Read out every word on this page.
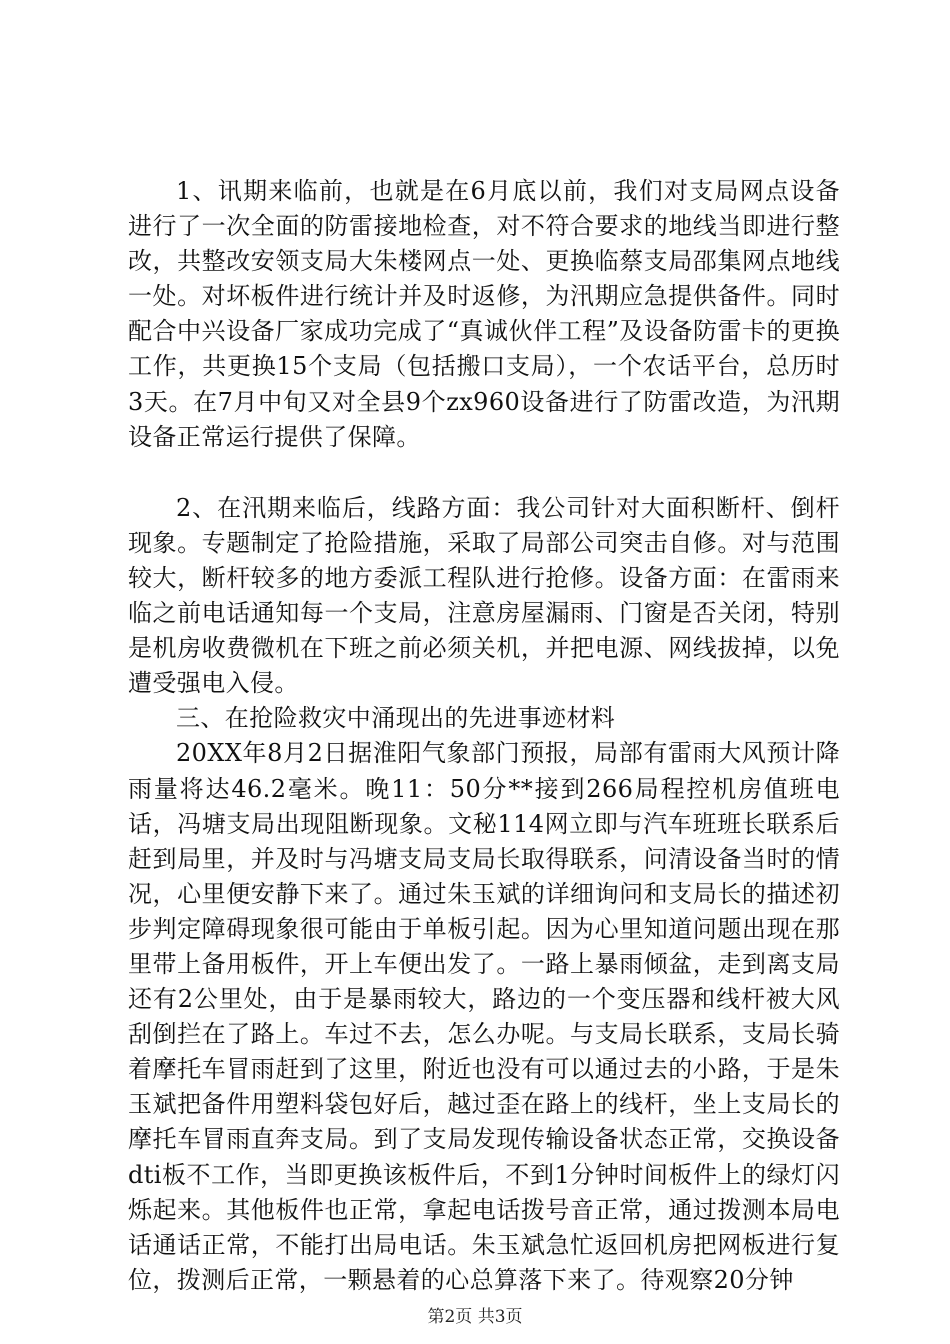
1、讯期来临前，也就是在6月底以前，我们对支局网点设备进行了一次全面的防雷接地检查，对不符合要求的地线当即进行整改，共整改安领支局大朱楼网点一处、更换临蔡支局邵集网点地线一处。对坏板件进行统计并及时返修，为汛期应急提供备件。同时配合中兴设备厂家成功完成了“真诚伙伴工程”及设备防雷卡的更换工作，共更换15个支局（包括搬口支局），一个农话平台，总历时3天。在7月中旬又对全县9个zx960设备进行了防雷改造，为汛期设备正常运行提供了保障。

2、在汛期来临后，线路方面：我公司针对大面积断杆、倒杆现象。专题制定了抢险措施，采取了局部公司突击自修。对与范围较大，断杆较多的地方委派工程队进行抢修。设备方面：在雷雨来临之前电话通知每一个支局，注意房屋漏雨、门窗是否关闭，特别是机房收费微机在下班之前必须关机，并把电源、网线拔掉，以免遭受强电入侵。

三、在抢险救灾中涌现出的先进事迹材料

20XX年8月2日据淮阳气象部门预报，局部有雷雨大风预计降雨量将达46.2毫米。晚11：50分**接到266局程控机房值班电话，冯塘支局出现阻断现象。文秘114网立即与汽车班班长联系后赶到局里，并及时与冯塘支局支局长取得联系，问清设备当时的情况，心里便安静下来了。通过朱玉斌的详细询问和支局长的描述初步判定障碍现象很可能由于单板引起。因为心里知道问题出现在那里带上备用板件，开上车便出发了。一路上暴雨倾盆，走到离支局还有2公里处，由于是暴雨较大，路边的一个变压器和线杆被大风刮倒拦在了路上。车过不去，怎么办呢。与支局长联系，支局长骑着摩托车冒雨赶到了这里，附近也没有可以通过去的小路，于是朱玉斌把备件用塑料袋包好后，越过歪在路上的线杆，坐上支局长的摩托车冒雨直奔支局。到了支局发现传输设备状态正常，交换设备dti板不工作，当即更换该板件后，不到1分钟时间板件上的绿灯闪烁起来。其他板件也正常，拿起电话拨号音正常，通过拨测本局电话通话正常，不能打出局电话。朱玉斌急忙返回机房把网板进行复位，拨测后正常，一颗悬着的心总算落下来了。待观察20分钟

第2页 共3页
